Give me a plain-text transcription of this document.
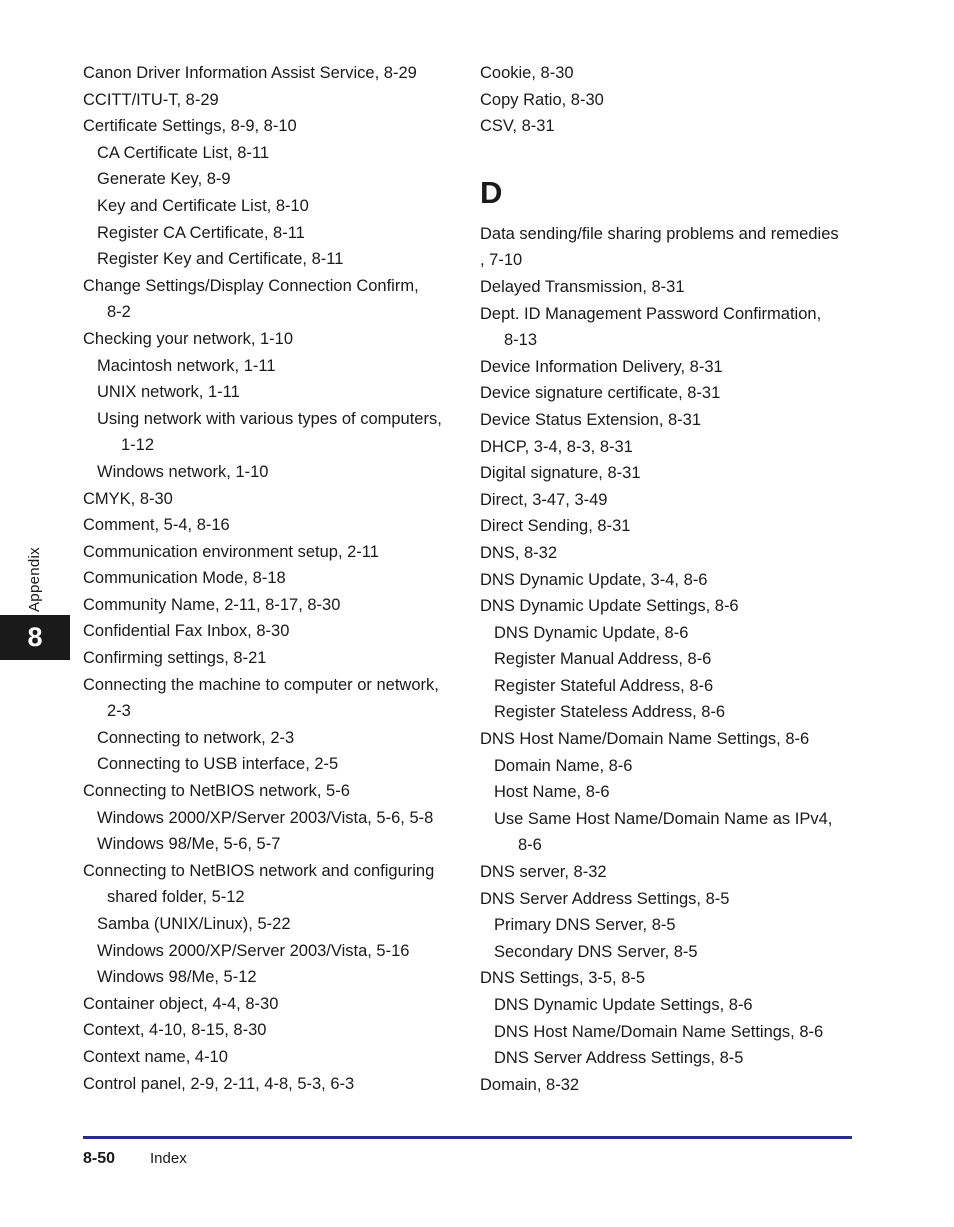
Canon Driver Information Assist Service, 8-29
CCITT/ITU-T, 8-29
Certificate Settings, 8-9, 8-10
CA Certificate List, 8-11
Generate Key, 8-9
Key and Certificate List, 8-10
Register CA Certificate, 8-11
Register Key and Certificate, 8-11
Change Settings/Display Connection Confirm,
8-2
Checking your network, 1-10
Macintosh network, 1-11
UNIX network, 1-11
Using network with various types of computers,
1-12
Windows network, 1-10
CMYK, 8-30
Comment, 5-4, 8-16
Communication environment setup, 2-11
Communication Mode, 8-18
Community Name, 2-11, 8-17, 8-30
Confidential Fax Inbox, 8-30
Confirming settings, 8-21
Connecting the machine to computer or network,
2-3
Connecting to network, 2-3
Connecting to USB interface, 2-5
Connecting to NetBIOS network, 5-6
Windows 2000/XP/Server 2003/Vista, 5-6, 5-8
Windows 98/Me, 5-6, 5-7
Connecting to NetBIOS network and configuring
shared folder, 5-12
Samba (UNIX/Linux), 5-22
Windows 2000/XP/Server 2003/Vista, 5-16
Windows 98/Me, 5-12
Container object, 4-4, 8-30
Context, 4-10, 8-15, 8-30
Context name, 4-10
Control panel, 2-9, 2-11, 4-8, 5-3, 6-3
Cookie, 8-30
Copy Ratio, 8-30
CSV, 8-31
D
Data sending/file sharing problems and remedies
, 7-10
Delayed Transmission, 8-31
Dept. ID Management Password Confirmation,
8-13
Device Information Delivery, 8-31
Device signature certificate, 8-31
Device Status Extension, 8-31
DHCP, 3-4, 8-3, 8-31
Digital signature, 8-31
Direct, 3-47, 3-49
Direct Sending, 8-31
DNS, 8-32
DNS Dynamic Update, 3-4, 8-6
DNS Dynamic Update Settings, 8-6
DNS Dynamic Update, 8-6
Register Manual Address, 8-6
Register Stateful Address, 8-6
Register Stateless Address, 8-6
DNS Host Name/Domain Name Settings, 8-6
Domain Name, 8-6
Host Name, 8-6
Use Same Host Name/Domain Name as IPv4,
8-6
DNS server, 8-32
DNS Server Address Settings, 8-5
Primary DNS Server, 8-5
Secondary DNS Server, 8-5
DNS Settings, 3-5, 8-5
DNS Dynamic Update Settings, 8-6
DNS Host Name/Domain Name Settings, 8-6
DNS Server Address Settings, 8-5
Domain, 8-32
Appendix
8
8-50 Index
